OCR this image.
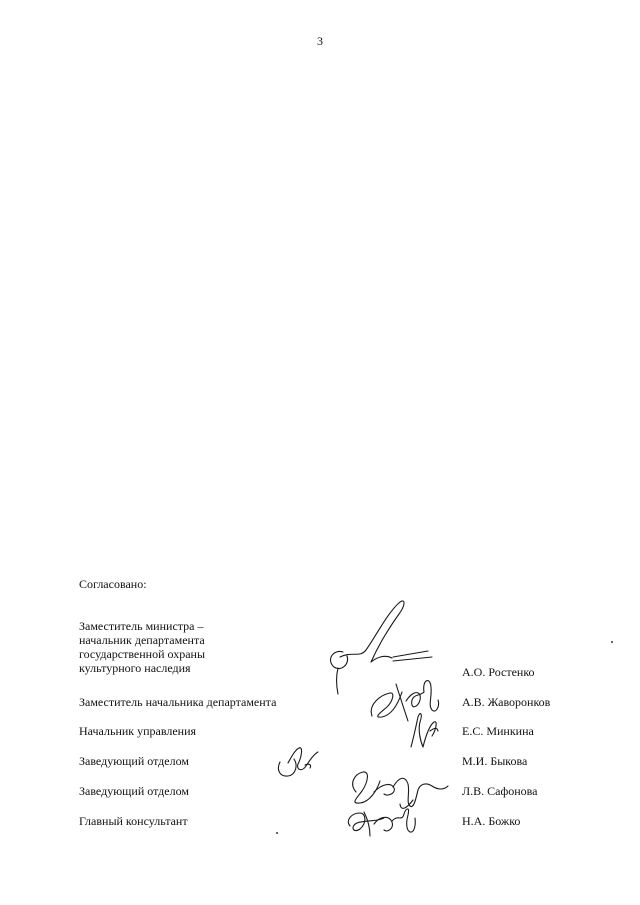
3
Согласовано:
Заместитель министра –
начальник департамента
государственной охраны
культурного наследия	А.О. Ростенко
Заместитель начальника департамента	А.В. Жаворонков
Начальник управления	Е.С. Минкина
Заведующий отделом	М.И. Быкова
Заведующий отделом	Л.В. Сафонова
Главный консультант	Н.А. Божко
